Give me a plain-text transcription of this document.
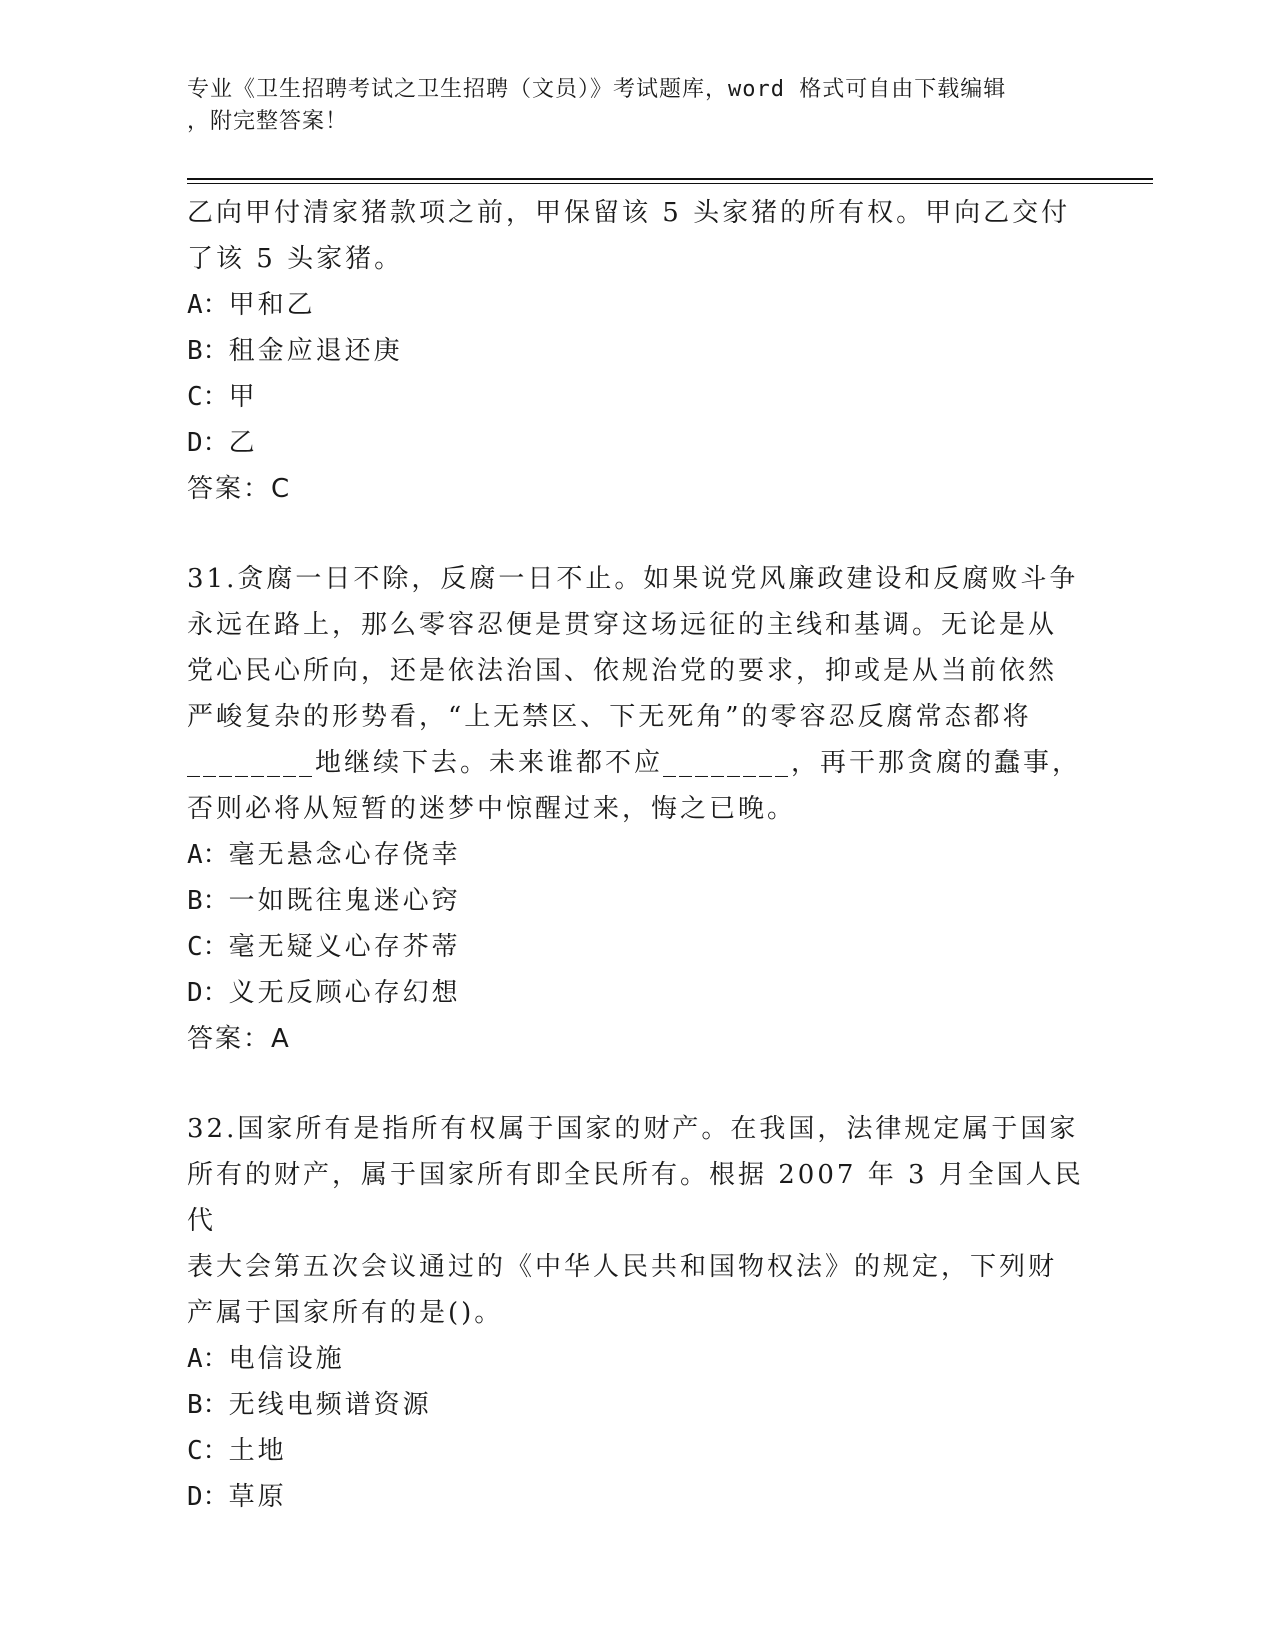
专业《卫生招聘考试之卫生招聘（文员）》考试题库，word 格式可自由下载编辑
，附完整答案！

乙向甲付清家猪款项之前，甲保留该 5 头家猪的所有权。甲向乙交付

了该 5 头家猪。

A：甲和乙

B：租金应退还庚

C：甲

D：乙

答案：C

31.贪腐一日不除，反腐一日不止。如果说党风廉政建设和反腐败斗争

永远在路上，那么零容忍便是贯穿这场远征的主线和基调。无论是从

党心民心所向，还是依法治国、依规治党的要求，抑或是从当前依然

严峻复杂的形势看，“上无禁区、下无死角”的零容忍反腐常态都将

________地继续下去。未来谁都不应________，再干那贪腐的蠢事，

否则必将从短暂的迷梦中惊醒过来，悔之已晚。

A：毫无悬念心存侥幸

B：一如既往鬼迷心窍

C：毫无疑义心存芥蒂

D：义无反顾心存幻想

答案：A

32.国家所有是指所有权属于国家的财产。在我国，法律规定属于国家

所有的财产，属于国家所有即全民所有。根据 2007 年 3 月全国人民代

表大会第五次会议通过的《中华人民共和国物权法》的规定，下列财

产属于国家所有的是()。

A：电信设施

B：无线电频谱资源

C：土地

D：草原
